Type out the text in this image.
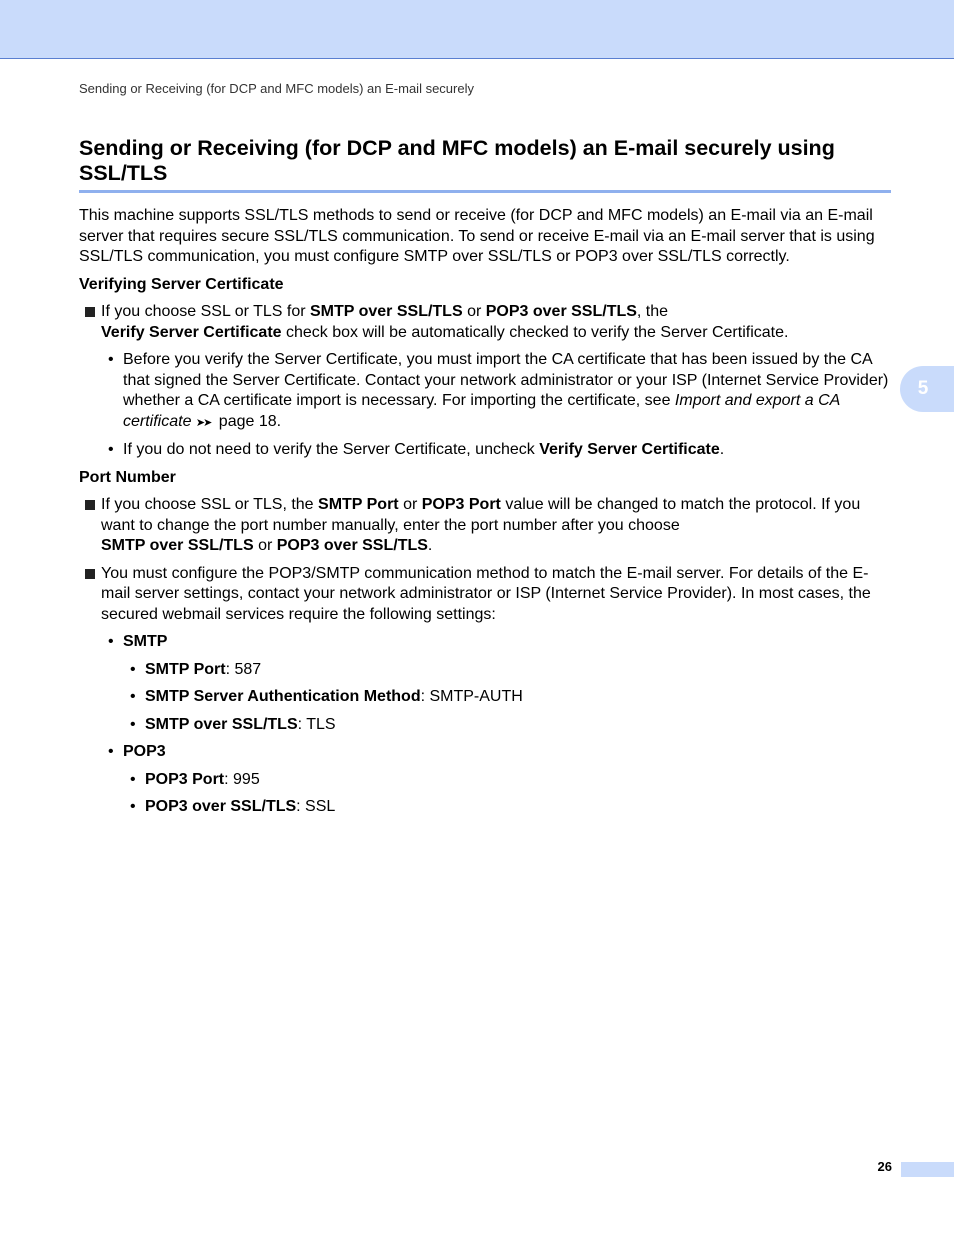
Sending or Receiving (for DCP and MFC models) an E-mail securely
5
Sending or Receiving (for DCP and MFC models) an E-mail securely using SSL/TLS

This machine supports SSL/TLS methods to send or receive (for DCP and MFC models) an E-mail via an E-mail server that requires secure SSL/TLS communication. To send or receive E-mail via an E-mail server that is using SSL/TLS communication, you must configure SMTP over SSL/TLS or POP3 over SSL/TLS correctly.

Verifying Server Certificate
If you choose SSL or TLS for SMTP over SSL/TLS or POP3 over SSL/TLS, the
Verify Server Certificate check box will be automatically checked to verify the Server Certificate.
• Before you verify the Server Certificate, you must import the CA certificate that has been issued by the CA that signed the Server Certificate. Contact your network administrator or your ISP (Internet Service Provider) whether a CA certificate import is necessary. For importing the certificate, see Import and export a CA certificate ➤➤ page 18.
• If you do not need to verify the Server Certificate, uncheck Verify Server Certificate.
Port Number
If you choose SSL or TLS, the SMTP Port or POP3 Port value will be changed to match the protocol. If you want to change the port number manually, enter the port number after you choose
SMTP over SSL/TLS or POP3 over SSL/TLS.
You must configure the POP3/SMTP communication method to match the E-mail server. For details of the E-mail server settings, contact your network administrator or ISP (Internet Service Provider). In most cases, the secured webmail services require the following settings:
• SMTP
• SMTP Port: 587
• SMTP Server Authentication Method: SMTP-AUTH
• SMTP over SSL/TLS: TLS
• POP3
• POP3 Port: 995
• POP3 over SSL/TLS: SSL
26
